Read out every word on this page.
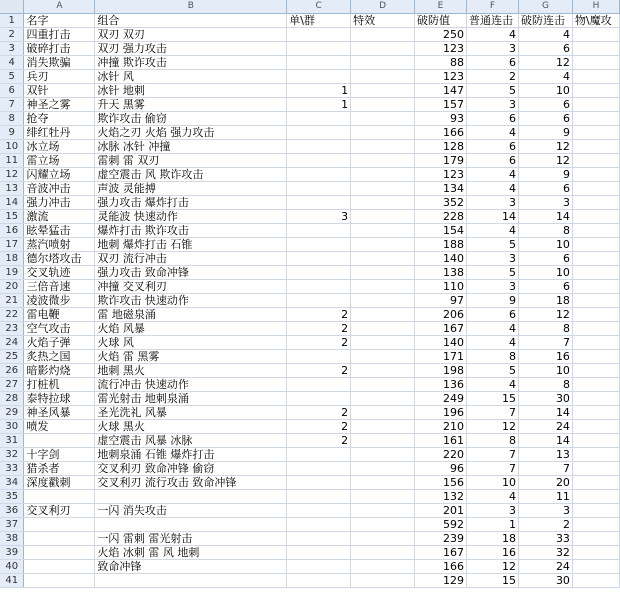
	A	B	C	D	E	F	G	H
1	名字	组合	单\群	特效	破防值	普通连击	破防连击	物\魔攻
2	四重打击	双刃 双刃			250	4	4	
3	破碎打击	双刃 强力攻击			123	3	6	
4	消失欺骗	冲撞 欺诈攻击			88	6	12	
5	兵刃	冰针 风			123	2	4	
6	双针	冰针 地刺	1		147	5	10	
7	神圣之雾	升天 黑雾	1		157	3	6	
8	抢夺	欺诈攻击 偷窃			93	6	6	
9	绯红牡丹	火焰之刃 火焰 强力攻击			166	4	9	
10	冰立场	冰脉 冰针 冲撞			128	6	12	
11	雷立场	雷刺 雷 双刃			179	6	12	
12	闪耀立场	虚空震击 风 欺诈攻击			123	4	9	
13	音波冲击	声波 灵能搏			134	4	6	
14	强力冲击	强力攻击 爆炸打击			352	3	3	
15	激流	灵能波 快速动作	3		228	14	14	
16	眩晕猛击	爆炸打击 欺诈攻击			154	4	8	
17	蒸汽喷射	地刺 爆炸打击 石锥			188	5	10	
18	德尔塔攻击	双刃 流行冲击			140	3	6	
19	交叉轨迹	强力攻击 致命冲锋			138	5	10	
20	三倍音速	冲撞 交叉利刃			110	3	6	
21	凌波微步	欺诈攻击 快速动作			97	9	18	
22	雷电鞭	雷 地磁泉涌	2		206	6	12	
23	空气攻击	火焰 风暴	2		167	4	8	
24	火焰子弹	火球 风	2		140	4	7	
25	炙热之国	火焰 雷 黑雾			171	8	16	
26	暗影灼烧	地刺 黑火	2		198	5	10	
27	打桩机	流行冲击 快速动作			136	4	8	
28	泰特拉球	雷光射击 地刺泉涌			249	15	30	
29	神圣风暴	圣光洗礼 风暴	2		196	7	14	
30	喷发	火球 黑火	2		210	12	24	
31		虚空震击 风暴 冰脉	2		161	8	14	
32	十字剑	地刺泉涌 石锥 爆炸打击			220	7	13	
33	猎杀者	交叉利刃 致命冲锋 偷窃			96	7	7	
34	深度戳刺	交叉利刃 流行攻击 致命冲锋			156	10	20	
35					132	4	11	
36	交叉利刃	一闪 消失攻击			201	3	3	
37					592	1	2	
38		一闪 雷刺 雷光射击			239	18	33	
39		火焰 冰刺 雷 风 地刺			167	16	32	
40		致命冲锋			166	12	24	
41					129	15	30	
